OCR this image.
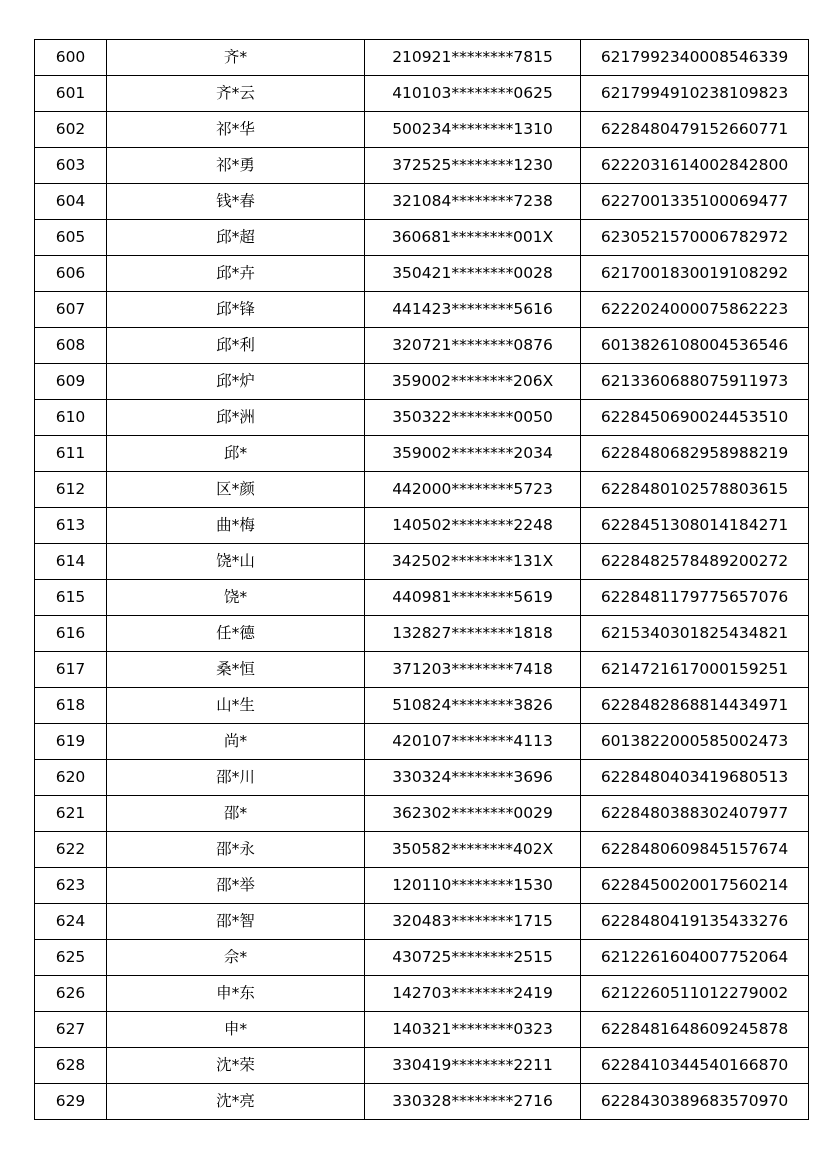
600	齐*	210921********7815	6217992340008546339
601	齐*云	410103********0625	6217994910238109823
602	祁*华	500234********1310	6228480479152660771
603	祁*勇	372525********1230	6222031614002842800
604	钱*春	321084********7238	6227001335100069477
605	邱*超	360681********001X	6230521570006782972
606	邱*卉	350421********0028	6217001830019108292
607	邱*锋	441423********5616	6222024000075862223
608	邱*利	320721********0876	6013826108004536546
609	邱*炉	359002********206X	6213360688075911973
610	邱*洲	350322********0050	6228450690024453510
611	邱*	359002********2034	6228480682958988219
612	区*颜	442000********5723	6228480102578803615
613	曲*梅	140502********2248	6228451308014184271
614	饶*山	342502********131X	6228482578489200272
615	饶*	440981********5619	6228481179775657076
616	任*德	132827********1818	6215340301825434821
617	桑*恒	371203********7418	6214721617000159251
618	山*生	510824********3826	6228482868814434971
619	尚*	420107********4113	6013822000585002473
620	邵*川	330324********3696	6228480403419680513
621	邵*	362302********0029	6228480388302407977
622	邵*永	350582********402X	6228480609845157674
623	邵*举	120110********1530	6228450020017560214
624	邵*智	320483********1715	6228480419135433276
625	佘*	430725********2515	6212261604007752064
626	申*东	142703********2419	6212260511012279002
627	申*	140321********0323	6228481648609245878
628	沈*荣	330419********2211	6228410344540166870
629	沈*亮	330328********2716	6228430389683570970
